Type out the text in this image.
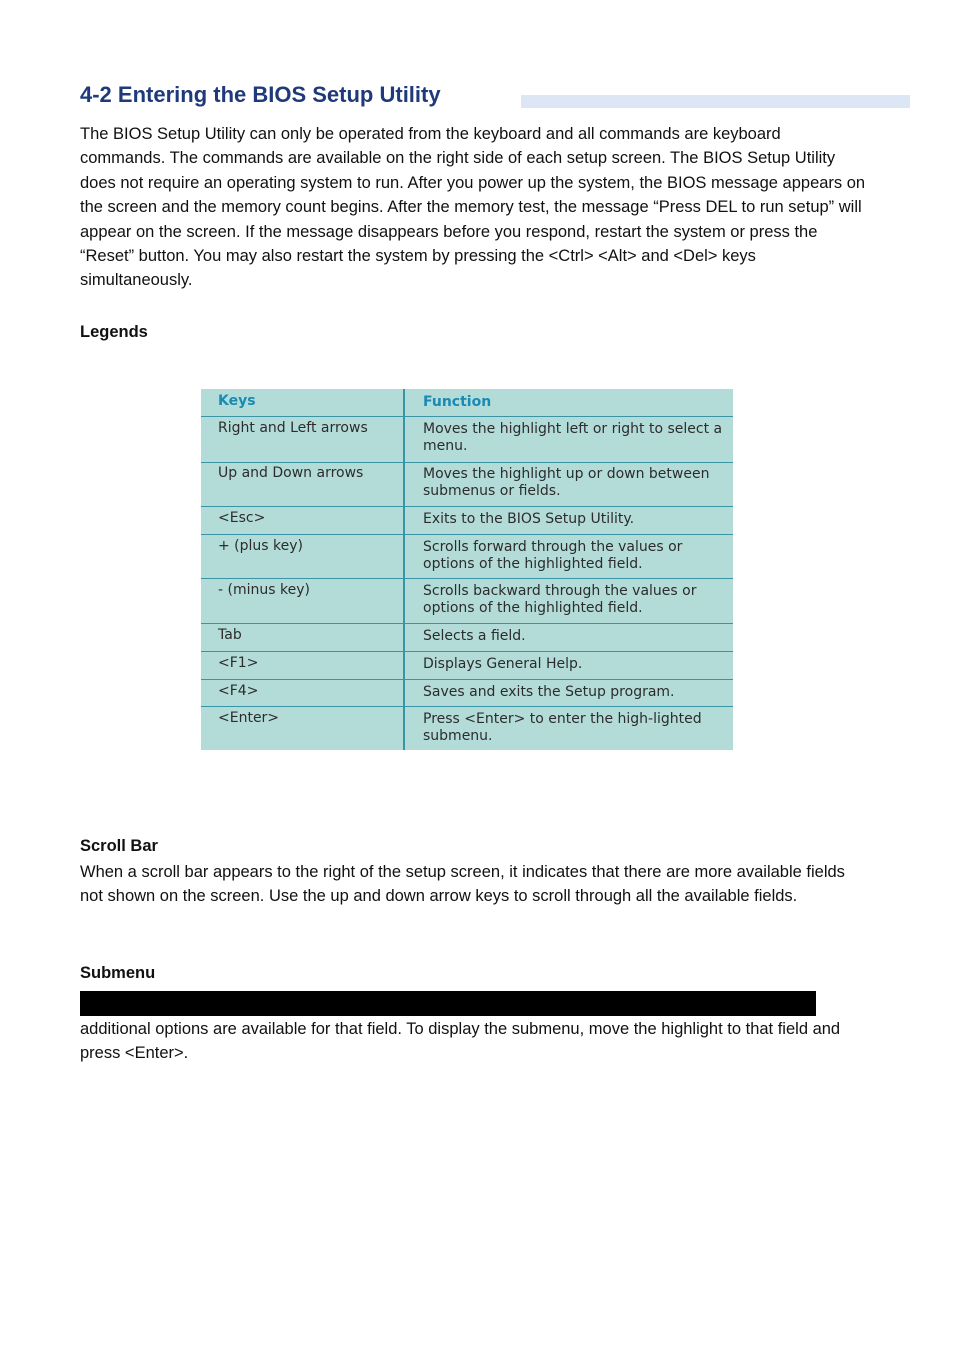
4-2 Entering the BIOS Setup Utility

The BIOS Setup Utility can only be operated from the keyboard and all commands are keyboard commands. The commands are available on the right side of each setup screen. The BIOS Setup Utility does not require an operating system to run. After you power up the system, the BIOS message appears on the screen and the memory count begins. After the memory test, the message “Press DEL to run setup” will appear on the screen. If the message disappears before you respond, restart the system or press the “Reset” button. You may also restart the system by pressing the <Ctrl> <Alt> and <Del> keys simultaneously.

Legends

Keys	Function

Right and Left arrows	Moves the highlight left or right to select a menu.

Up and Down arrows	Moves the highlight up or down between submenus or fields.

<Esc>	Exits to the BIOS Setup Utility.

+ (plus key)	Scrolls forward through the values or options of the highlighted field.

- (minus key)	Scrolls backward through the values or options of the highlighted field.

Tab	Selects a field.

<F1>	Displays General Help.

<F4>	Saves and exits the Setup program.

<Enter>	Press <Enter> to enter the high-lighted submenu.

Scroll Bar

When a scroll bar appears to the right of the setup screen, it indicates that there are more available fields not shown on the screen. Use the up and down arrow keys to scroll through all the available fields.

Submenu

additional options are available for that field. To display the submenu, move the highlight to that field and press <Enter>.
